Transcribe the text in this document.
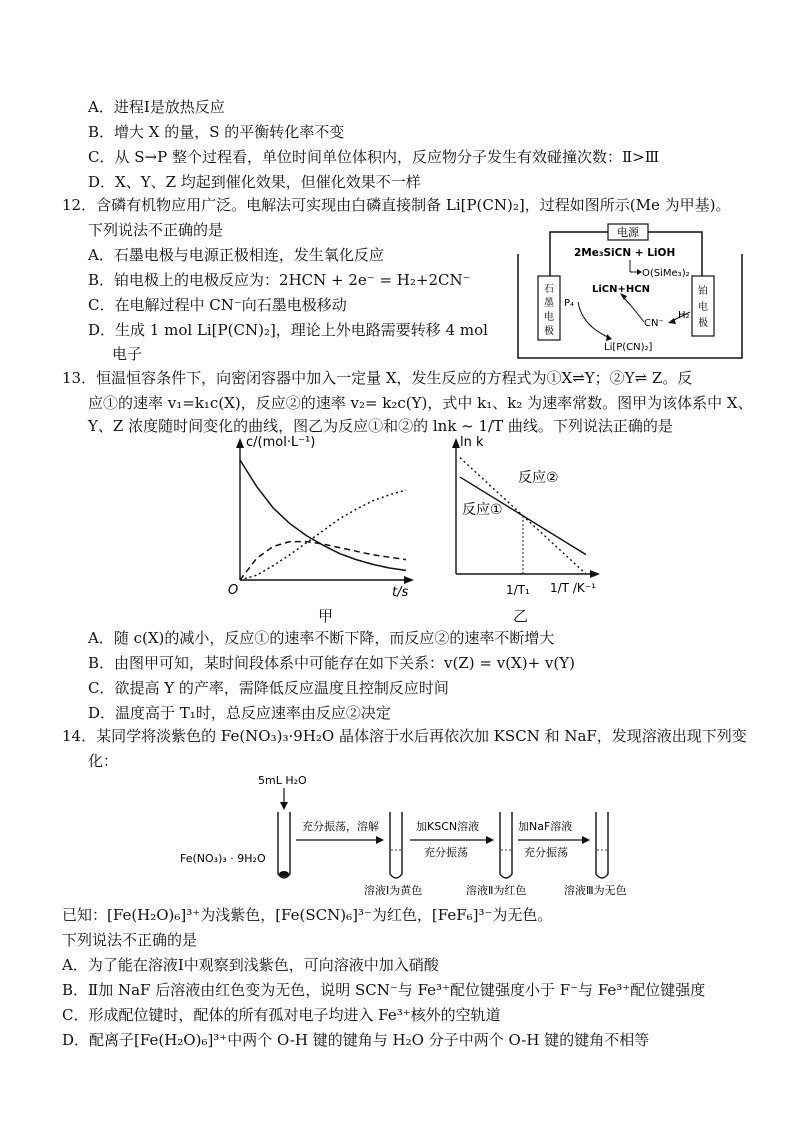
A．进程Ⅰ是放热反应
B．增大 X 的量，S 的平衡转化率不变
C．从 S→P 整个过程看，单位时间单位体积内，反应物分子发生有效碰撞次数：Ⅱ>Ⅲ
D．X、Y、Z 均起到催化效果，但催化效果不一样
12．含磷有机物应用广泛。电解法可实现由白磷直接制备 Li[P(CN)₂]，过程如图所示(Me 为甲基)。
下列说法不正确的是
A．石墨电极与电源正极相连，发生氧化反应
B．铂电极上的电极反应为：2HCN + 2e⁻ = H₂+2CN⁻
C．在电解过程中 CN⁻向石墨电极移动
D．生成 1 mol Li[P(CN)₂]，理论上外电路需要转移 4 mol
电子
电源
石
墨
电
极
铂
电
极
2Me₃SiCN + LiOH
O(SiMe₃)₂
LiCN+HCN
P₄
CN⁻
H₂
Li[P(CN)₂]
13．恒温恒容条件下，向密闭容器中加入一定量 X，发生反应的方程式为①X⇌Y；②Y⇌ Z。反
应①的速率 v₁=k₁c(X)，反应②的速率 v₂= k₂c(Y)，式中 k₁、k₂ 为速率常数。图甲为该体系中 X、
Y、Z 浓度随时间变化的曲线，图乙为反应①和②的 lnk ~ 1/T 曲线。下列说法正确的是
c/(mol·L⁻¹)
t/s
O
甲
ln k
1/T /K⁻¹
1/T₁
反应①
反应②
乙
A．随 c(X)的减小，反应①的速率不断下降，而反应②的速率不断增大
B．由图甲可知，某时间段体系中可能存在如下关系：v(Z) = v(X)+ v(Y)
C．欲提高 Y 的产率，需降低反应温度且控制反应时间
D．温度高于 T₁时，总反应速率由反应②决定
14．某同学将淡紫色的 Fe(NO₃)₃·9H₂O 晶体溶于水后再依次加 KSCN 和 NaF，发现溶液出现下列变
化：
5mL H₂O
Fe(NO₃)₃ · 9H₂O
充分振荡，溶解	加KSCN溶液
充分振荡
加NaF溶液
充分振荡
溶液Ⅰ为黄色	溶液Ⅱ为红色	溶液Ⅲ为无色
已知：[Fe(H₂O)₆]³⁺为浅紫色，[Fe(SCN)₆]³⁻为红色，[FeF₆]³⁻为无色。
下列说法不正确的是
A．为了能在溶液Ⅰ中观察到浅紫色，可向溶液中加入硝酸
B．Ⅱ加 NaF 后溶液由红色变为无色，说明 SCN⁻与 Fe³⁺配位键强度小于 F⁻与 Fe³⁺配位键强度
C．形成配位键时，配体的所有孤对电子均进入 Fe³⁺核外的空轨道
D．配离子[Fe(H₂O)₆]³⁺中两个 O-H 键的键角与 H₂O 分子中两个 O-H 键的键角不相等
